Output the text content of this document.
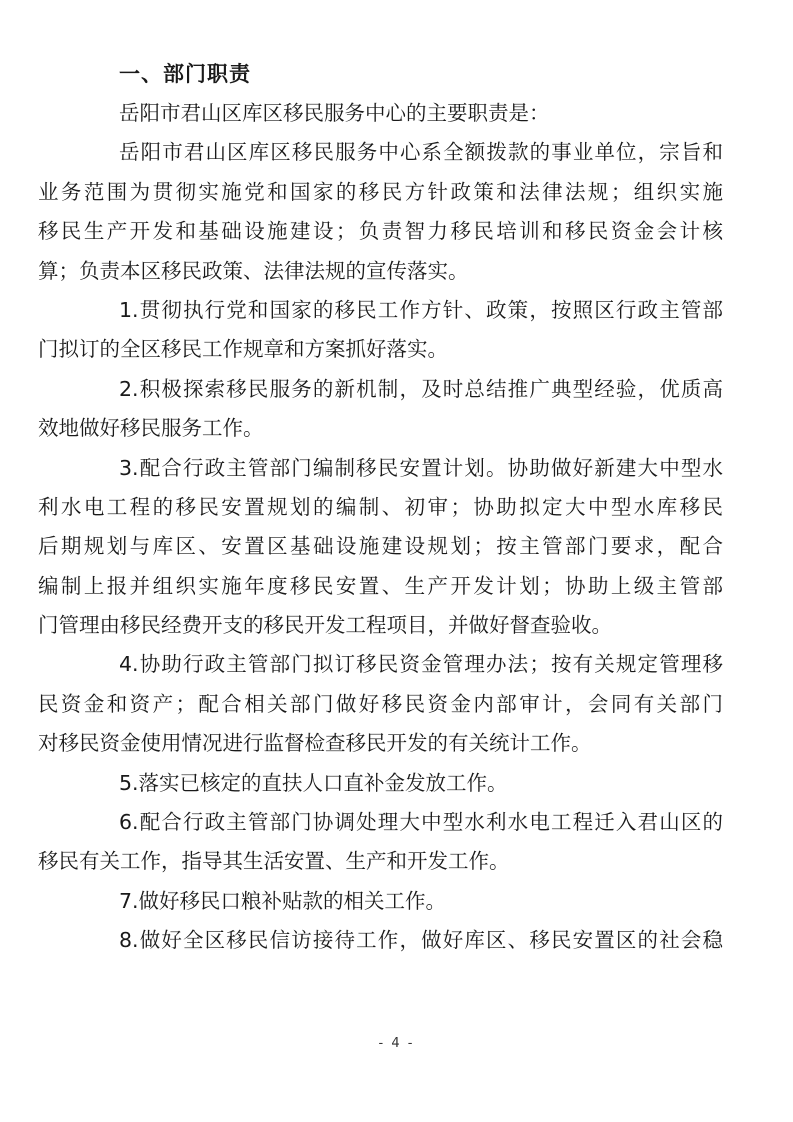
一、部门职责
岳阳市君山区库区移民服务中心的主要职责是：
岳阳市君山区库区移民服务中心系全额拨款的事业单位，宗旨和
业务范围为贯彻实施党和国家的移民方针政策和法律法规；组织实施
移民生产开发和基础设施建设；负责智力移民培训和移民资金会计核
算；负责本区移民政策、法律法规的宣传落实。
1.贯彻执行党和国家的移民工作方针、政策，按照区行政主管部
门拟订的全区移民工作规章和方案抓好落实。
2.积极探索移民服务的新机制，及时总结推广典型经验，优质高
效地做好移民服务工作。
3.配合行政主管部门编制移民安置计划。协助做好新建大中型水
利水电工程的移民安置规划的编制、初审；协助拟定大中型水库移民
后期规划与库区、安置区基础设施建设规划；按主管部门要求，配合
编制上报并组织实施年度移民安置、生产开发计划；协助上级主管部
门管理由移民经费开支的移民开发工程项目，并做好督查验收。
4.协助行政主管部门拟订移民资金管理办法；按有关规定管理移
民资金和资产；配合相关部门做好移民资金内部审计，会同有关部门
对移民资金使用情况进行监督检查移民开发的有关统计工作。
5.落实已核定的直扶人口直补金发放工作。
6.配合行政主管部门协调处理大中型水利水电工程迁入君山区的
移民有关工作，指导其生活安置、生产和开发工作。
7.做好移民口粮补贴款的相关工作。
8.做好全区移民信访接待工作，做好库区、移民安置区的社会稳
- 4 -
